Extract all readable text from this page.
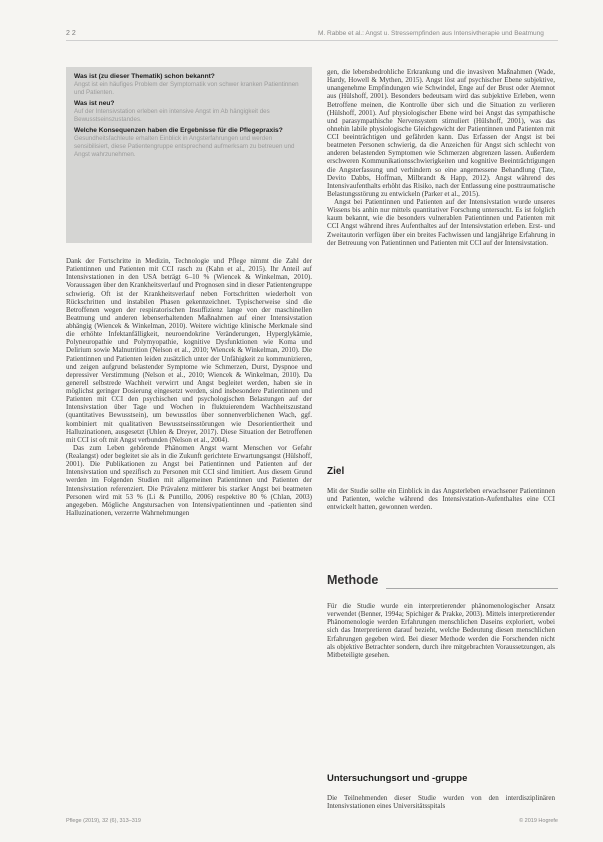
2 2	M. Rabbe et al.: Angst u. Stressempfinden aus Intensivtherapie und Beatmung
Was ist (zu dieser Thematik) schon bekannt?

Angst ist ein häufiges Problem der Symptomatik von schwer kranken Patientinnen und Patienten.

Was ist neu?

Auf der Intensivstation erleben ein intensive Angst im Ab hängigkeit des Bewusstseinszustandes.

Welche Konsequenzen haben die Ergebnisse für die Pflegepraxis?

Gesundheitsfachleute erhalten Einblick in Angsterfahrungen und werden sensibilisiert, diese Patientengruppe entsprechend aufmerksam zu betreuen und Angst wahrzunehmen.

Dank der Fortschritte in Medizin, Technologie und Pflege nimmt die Zahl der Patientinnen und Patienten mit CCI rasch zu (Kahn et al., 2015). Ihr Anteil auf Intensivstationen in den USA beträgt 6–10 % (Wiencek & Winkelman, 2010). Voraussagen über den Krankheitsverlauf und Prognosen sind in dieser Patientengruppe schwierig. Oft ist der Krankheitsverlauf neben Fortschritten wiederholt von Rückschritten und instabilen Phasen gekennzeichnet. Typischerweise sind die Betroffenen wegen der respiratorischen Insuffizienz lange von der maschinellen Beatmung und anderen lebenserhaltenden Maßnahmen auf einer Intensivstation abhängig (Wiencek & Winkelman, 2010). Weitere wichtige klinische Merkmale sind die erhöhte Infektanfälligkeit, neuroendokrine Veränderungen, Hyperglykämie, Polyneuropathie und Polymyopathie, kognitive Dysfunktionen wie Koma und Delirium sowie Malnutrition (Nelson et al., 2010; Wiencek & Winkelman, 2010). Die Patientinnen und Patienten leiden zusätzlich unter der Unfähigkeit zu kommunizieren, und zeigen aufgrund belastender Symptome wie Schmerzen, Durst, Dyspnoe und depressiver Verstimmung (Nelson et al., 2010; Wiencek & Winkelman, 2010). Da generell selbstrede Wachheit verwirrt und Angst begleitet werden, haben sie in möglichst geringer Dosierung eingesetzt werden, sind insbesondere Patientinnen und Patienten mit CCI den psychischen und psychologischen Belastungen auf der Intensivstation über Tage und Wochen in fluktuierendem Wachheitszustand (quantitatives Bewusstsein), um bewusstlos über sonnenverblichenen Wach, ggf. kombiniert mit qualitativen Bewusstseinsstörungen wie Desorientiertheit und Halluzinationen, ausgesetzt (Uhlen & Dreyer, 2017). Diese Situation der Betroffenen mit CCI ist oft mit Angst verbunden (Nelson et al., 2004).

Das zum Leben gehörende Phänomen Angst warnt Menschen vor Gefahr (Realangst) oder begleitet sie als in die Zukunft gerichtete Erwartungsangst (Hülshoff, 2001). Die Publikationen zu Angst bei Patientinnen und Patienten auf der Intensivstation und spezifisch zu Personen mit CCI sind limitiert. Aus diesem Grund werden im Folgenden Studien mit allgemeinen Patientinnen und Patienten der Intensivstation referenziert. Die Prävalenz mittlerer bis starker Angst bei beatmeten Personen wird mit 53 % (Li & Puntillo, 2006) respektive 80 % (Chlan, 2003) angegeben. Mögliche Angstursachen von Intensivpatientinnen und -patienten sind Halluzinationen, verzerrte Wahrnehmungen

gen, die lebensbedrohliche Erkrankung und die invasiven Maßnahmen (Wade, Hardy, Howell & Mythen, 2015). Angst löst auf psychischer Ebene subjektive, unangenehme Empfindungen wie Schwindel, Enge auf der Brust oder Atemnot aus (Hülshoff, 2001). Besonders bedeutsam wird das subjektive Erleben, wenn Betroffene meinen, die Kontrolle über sich und die Situation zu verlieren (Hülshoff, 2001). Auf physiologischer Ebene wird bei Angst das sympathische und parasympathische Nervensystem stimuliert (Hülshoff, 2001), was das ohnehin labile physiologische Gleichgewicht der Patientinnen und Patienten mit CCI beeinträchtigen und gefährden kann. Das Erfassen der Angst ist bei beatmeten Personen schwierig, da die Anzeichen für Angst sich schlecht von anderen belastenden Symptomen wie Schmerzen abgrenzen lassen. Außerdem erschweren Kommunikationsschwierigkeiten und kognitive Beeinträchtigungen die Angsterfassung und verhindern so eine angemessene Behandlung (Tate, Devito Dabbs, Hoffman, Milbrandt & Happ, 2012). Angst während des Intensivaufenthalts erhöht das Risiko, nach der Entlassung eine posttraumatische Belastungsstörung zu entwickeln (Parker et al., 2015).

Angst bei Patientinnen und Patienten auf der Intensivstation wurde unseres Wissens bis anhin nur mittels quantitativer Forschung untersucht. Es ist folglich kaum bekannt, wie die besonders vulnerablen Patientinnen und Patienten mit CCI Angst während ihres Aufenthaltes auf der Intensivstation erleben. Erst- und Zweitautorin verfügen über ein breites Fachwissen und langjährige Erfahrung in der Betreuung von Patientinnen und Patienten mit CCI auf der Intensivstation.

Ziel

Mit der Studie sollte ein Einblick in das Angsterleben erwachsener Patientinnen und Patienten, welche während des Intensivstation-Aufenthaltes eine CCI entwickelt hatten, gewonnen werden.

Methode

Für die Studie wurde ein interpretierender phänomenologischer Ansatz verwendet (Benner, 1994a; Spichiger & Prakke, 2003). Mittels interpretierender Phänomenologie werden Erfahrungen menschlichen Daseins exploriert, wobei sich das Interpretieren darauf bezieht, welche Bedeutung diesen menschlichen Erfahrungen gegeben wird. Bei dieser Methode werden die Forschenden nicht als objektive Betrachter sondern, durch ihre mitgebrachten Voraussetzungen, als Mitbeteiligte gesehen.

Untersuchungsort und -gruppe

Die Teilnehmenden dieser Studie wurden von den interdisziplinären Intensivstationen eines Universitätsspitals

Pflege (2019), 32 (6), 313–319	© 2019 Hogrefe
